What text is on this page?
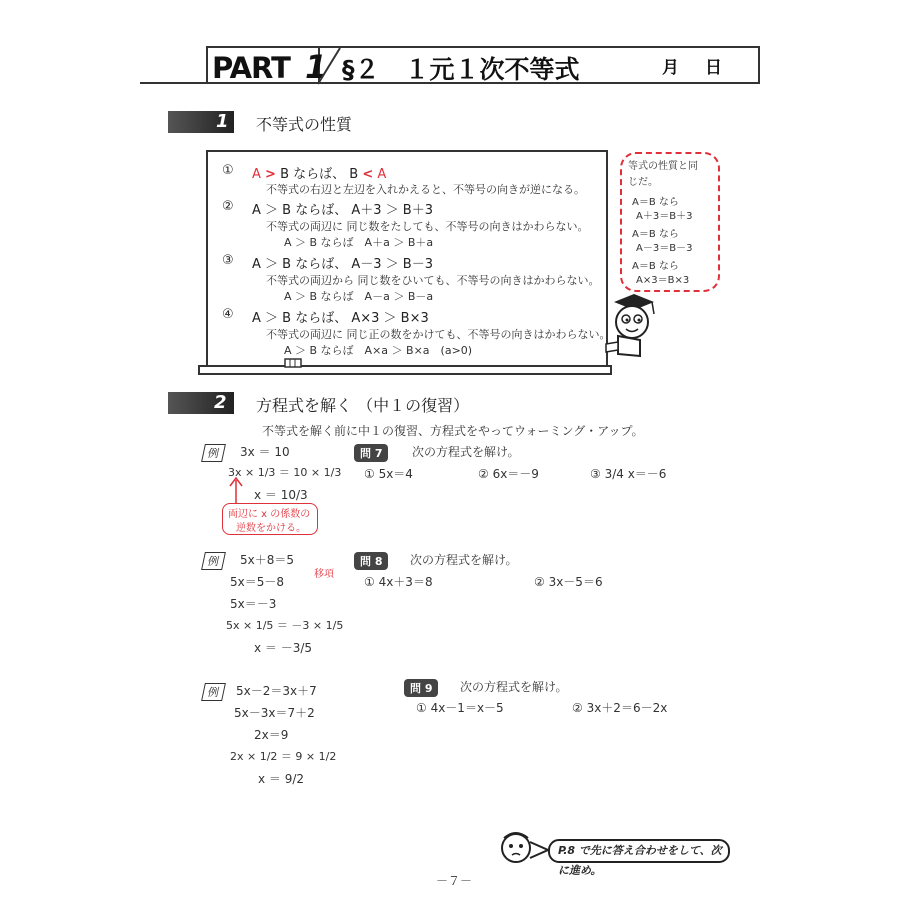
PART 1 §２　１元１次不等式	月日
1 不等式の性質
① A > B ならば、 B < A
不等式の右辺と左辺を入れかえると、不等号の向きが逆になる。
② A ＞ B ならば、 A＋3 ＞ B＋3
不等式の両辺に 同じ数をたしても、不等号の向きはかわらない。
A ＞ B ならば　A＋a ＞ B＋a
③ A ＞ B ならば、 A－3 ＞ B－3
不等式の両辺から 同じ数をひいても、不等号の向きはかわらない。
A ＞ B ならば　A－a ＞ B－a
④ A ＞ B ならば、 A×3 ＞ B×3
不等式の両辺に 同じ正の数をかけても、不等号の向きはかわらない。
A ＞ B ならば　A×a ＞ B×a　(a>0)
等式の性質と同
じだ。
A＝B なら
A＋3＝B＋3
A＝B なら
A－3＝B－3
A＝B なら
A×3＝B×3
2 方程式を解く （中１の復習）
不等式を解く前に中１の復習、方程式をやってウォーミング・アップ。
例	3x ＝ 10
3x × 1/3 ＝ 10 × 1/3
x ＝ 10/3
両辺に x の係数の
逆数をかける。
問 7	次の方程式を解け。
① 5x＝4	② 6x＝－9	③ 3/4 x＝－6
例	5x＋8＝5
5x＝5－8
移項
5x＝－3
5x × 1/5 ＝ －3 × 1/5
x ＝ －3/5
問 8	次の方程式を解け。
① 4x＋3＝8	② 3x－5＝6
例	5x－2＝3x＋7
5x－3x＝7＋2
2x＝9
2x × 1/2 ＝ 9 × 1/2
x ＝ 9/2
問 9	次の方程式を解け。
① 4x－1＝x－5	② 3x＋2＝6－2x
P.8 で先に答え合わせをして、次に進め。
－７－
